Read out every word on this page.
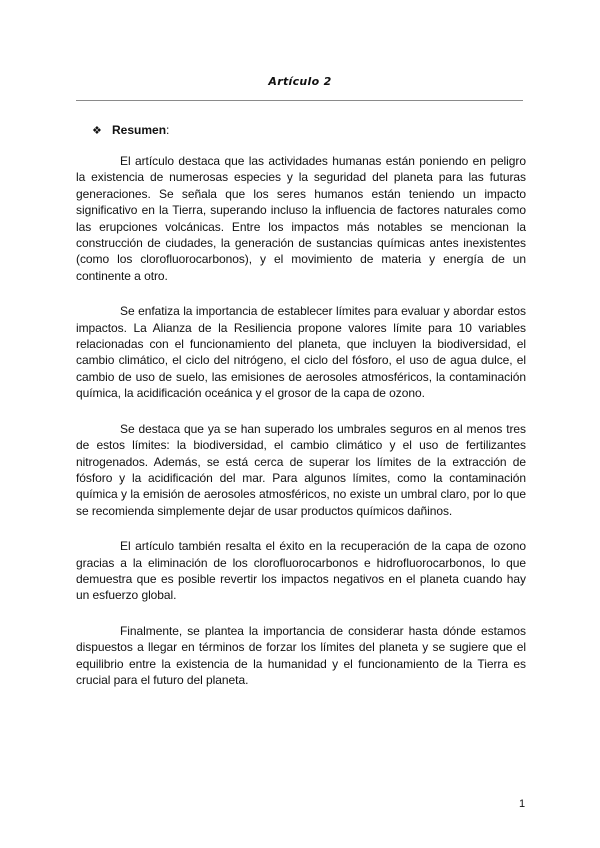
Artículo 2
❖ Resumen:

El artículo destaca que las actividades humanas están poniendo en peligro la existencia de numerosas especies y la seguridad del planeta para las futuras generaciones. Se señala que los seres humanos están teniendo un impacto significativo en la Tierra, superando incluso la influencia de factores naturales como las erupciones volcánicas. Entre los impactos más notables se mencionan la construcción de ciudades, la generación de sustancias químicas antes inexistentes (como los clorofluorocarbonos), y el movimiento de materia y energía de un continente a otro.

Se enfatiza la importancia de establecer límites para evaluar y abordar estos impactos. La Alianza de la Resiliencia propone valores límite para 10 variables relacionadas con el funcionamiento del planeta, que incluyen la biodiversidad, el cambio climático, el ciclo del nitrógeno, el ciclo del fósforo, el uso de agua dulce, el cambio de uso de suelo, las emisiones de aerosoles atmosféricos, la contaminación química, la acidificación oceánica y el grosor de la capa de ozono.

Se destaca que ya se han superado los umbrales seguros en al menos tres de estos límites: la biodiversidad, el cambio climático y el uso de fertilizantes nitrogenados. Además, se está cerca de superar los límites de la extracción de fósforo y la acidificación del mar. Para algunos límites, como la contaminación química y la emisión de aerosoles atmosféricos, no existe un umbral claro, por lo que se recomienda simplemente dejar de usar productos químicos dañinos.

El artículo también resalta el éxito en la recuperación de la capa de ozono gracias a la eliminación de los clorofluorocarbonos e hidrofluorocarbonos, lo que demuestra que es posible revertir los impactos negativos en el planeta cuando hay un esfuerzo global.

Finalmente, se plantea la importancia de considerar hasta dónde estamos dispuestos a llegar en términos de forzar los límites del planeta y se sugiere que el equilibrio entre la existencia de la humanidad y el funcionamiento de la Tierra es crucial para el futuro del planeta.

1
